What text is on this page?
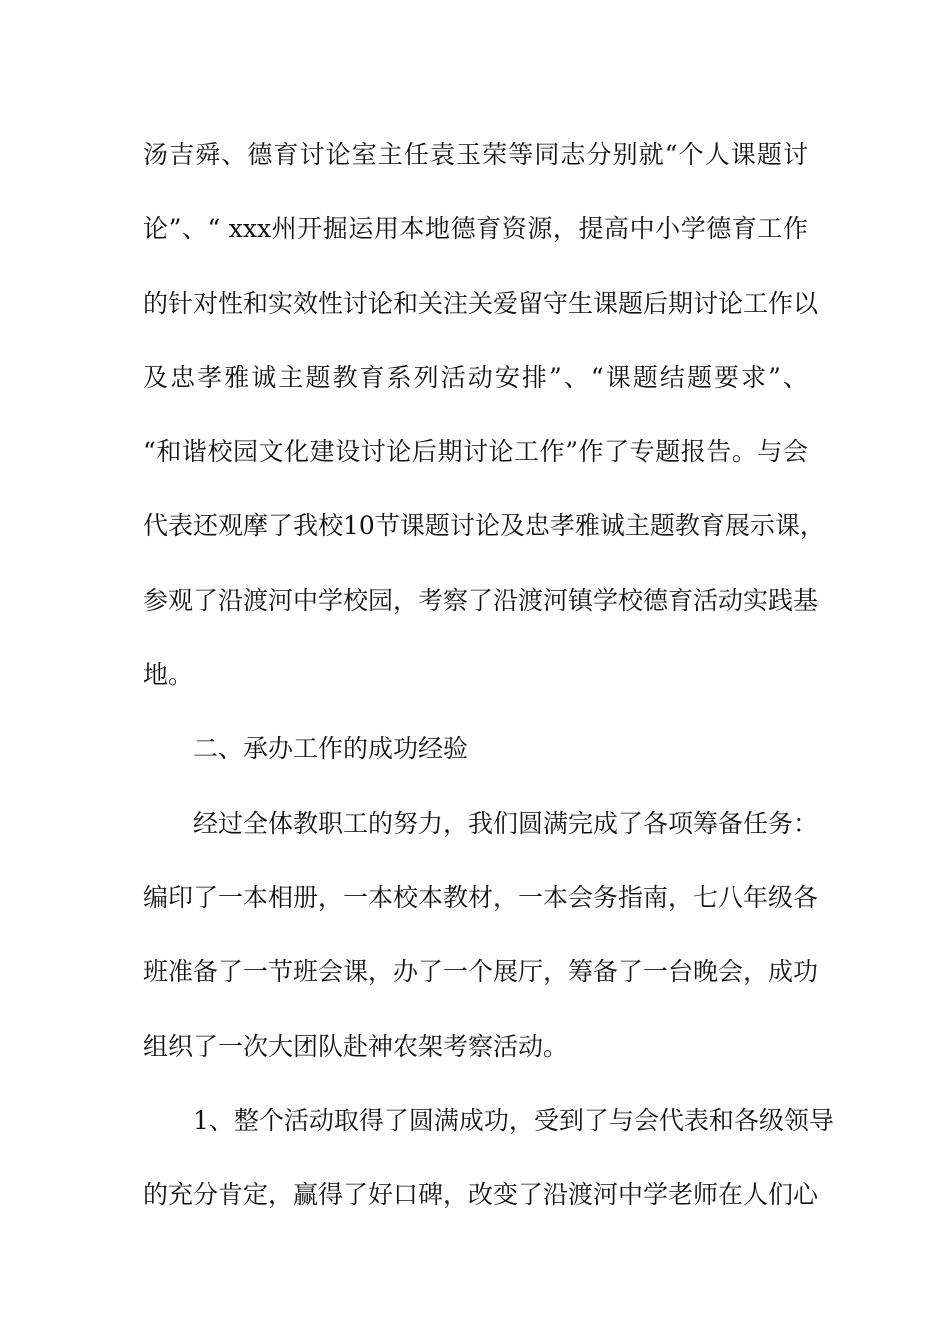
汤吉舜、德育讨论室主任袁玉荣等同志分别就“个人课题讨
论”、“ xxx州开掘运用本地德育资源，提高中小学德育工作
的针对性和实效性讨论和关注关爱留守生课题后期讨论工作以
及忠孝雅诚主题教育系列活动安排”、“课题结题要求”、
“和谐校园文化建设讨论后期讨论工作”作了专题报告。与会
代表还观摩了我校10节课题讨论及忠孝雅诚主题教育展示课，
参观了沿渡河中学校园，考察了沿渡河镇学校德育活动实践基
地。
二、承办工作的成功经验
经过全体教职工的努力，我们圆满完成了各项筹备任务：
编印了一本相册，一本校本教材，一本会务指南，七八年级各
班准备了一节班会课，办了一个展厅，筹备了一台晚会，成功
组织了一次大团队赴神农架考察活动。
1、整个活动取得了圆满成功，受到了与会代表和各级领导
的充分肯定，赢得了好口碑，改变了沿渡河中学老师在人们心
